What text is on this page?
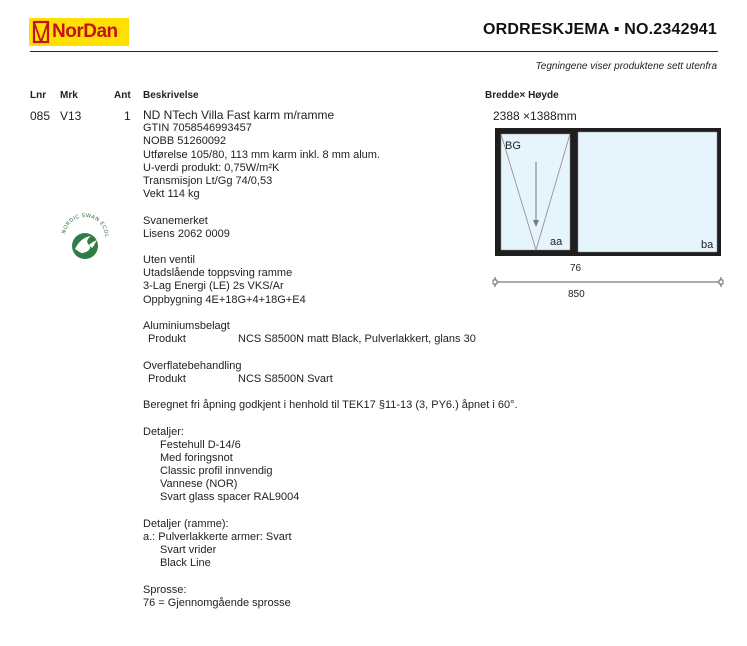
NorDan	ORDRESKJEMA ▪ NO.2342941
Tegningene viser produktene sett utenfra
Lnr Mrk	Ant Beskrivelse	Bredde× Høyde
085 V13	1 ND NTech Villa Fast karm m/ramme
GTIN 7058546993457
NOBB 51260092
Utførelse 105/80, 113 mm karm inkl. 8 mm alum.
U-verdi produkt: 0,75W/m²K
Transmisjon Lt/Gg 74/0,53
Vekt 114 kg
Svanemerket
Lisens 2062 0009
Uten ventil
Utadslående toppsving ramme
3-Lag Energi (LE) 2s VKS/Ar
Oppbygning 4E+18G+4+18G+E4
Aluminiumsbelagt
Produkt	NCS S8500N matt Black, Pulverlakkert, glans 30
Overflatebehandling
Produkt	NCS S8500N Svart
Beregnet fri åpning godkjent i henhold til TEK17 §11-13 (3, PY6.) åpnet i 60°.
Detaljer:
Festehull D-14/6
Med foringsnot
Classic profil innvendig
Vannese (NOR)
Svart glass spacer RAL9004
Detaljer (ramme):
a.: Pulverlakkerte armer: Svart
Svart vrider
Black Line
Sprosse:
76 = Gjennomgående sprosse
NORDIC SWAN ECOL
2388 ×1388mm
BG
aa	ba
76
850
